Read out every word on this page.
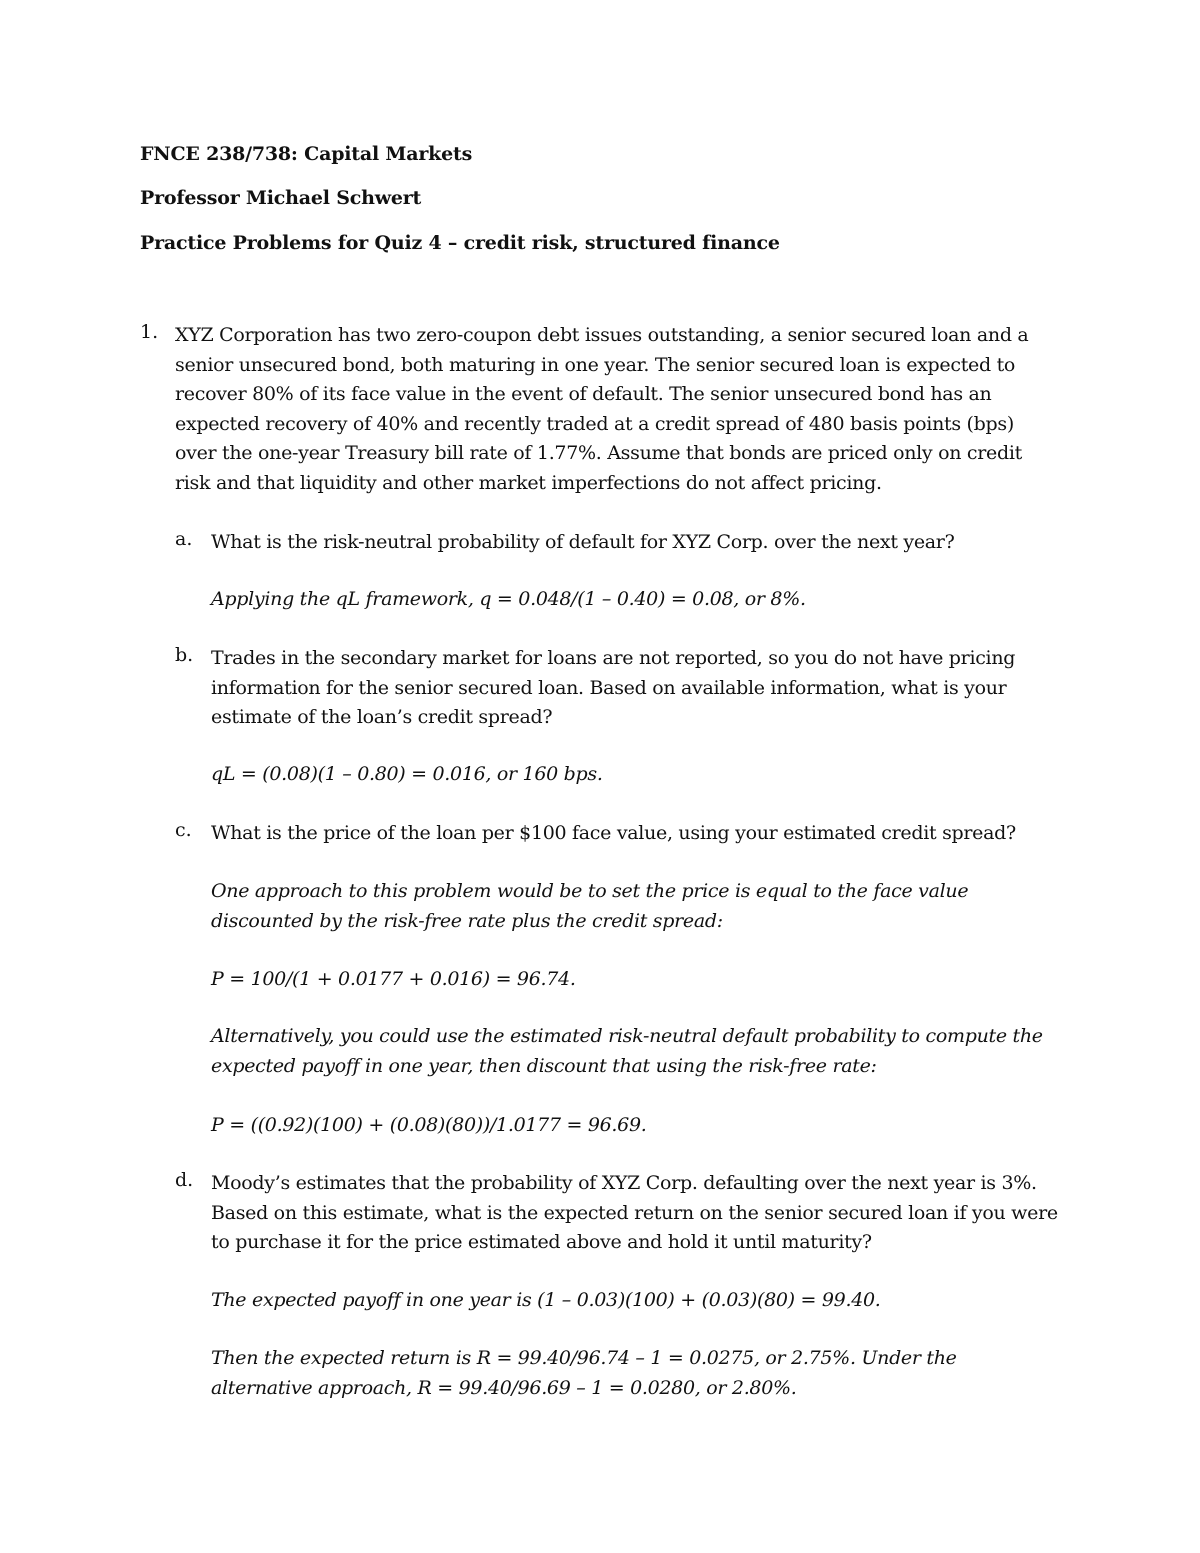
FNCE 238/738: Capital Markets
Professor Michael Schwert
Practice Problems for Quiz 4 – credit risk, structured finance
1. XYZ Corporation has two zero-coupon debt issues outstanding, a senior secured loan and a
senior unsecured bond, both maturing in one year. The senior secured loan is expected to
recover 80% of its face value in the event of default. The senior unsecured bond has an
expected recovery of 40% and recently traded at a credit spread of 480 basis points (bps)
over the one-year Treasury bill rate of 1.77%. Assume that bonds are priced only on credit
risk and that liquidity and other market imperfections do not affect pricing.
a. What is the risk-neutral probability of default for XYZ Corp. over the next year?
Applying the qL framework, q = 0.048/(1 – 0.40) = 0.08, or 8%.
b. Trades in the secondary market for loans are not reported, so you do not have pricing
information for the senior secured loan. Based on available information, what is your
estimate of the loan’s credit spread?
qL = (0.08)(1 – 0.80) = 0.016, or 160 bps.
c. What is the price of the loan per $100 face value, using your estimated credit spread?
One approach to this problem would be to set the price is equal to the face value
discounted by the risk-free rate plus the credit spread:
P = 100/(1 + 0.0177 + 0.016) = 96.74.
Alternatively, you could use the estimated risk-neutral default probability to compute the
expected payoff in one year, then discount that using the risk-free rate:
P = ((0.92)(100) + (0.08)(80))/1.0177 = 96.69.
d. Moody’s estimates that the probability of XYZ Corp. defaulting over the next year is 3%.
Based on this estimate, what is the expected return on the senior secured loan if you were
to purchase it for the price estimated above and hold it until maturity?
The expected payoff in one year is (1 – 0.03)(100) + (0.03)(80) = 99.40.
Then the expected return is R = 99.40/96.74 – 1 = 0.0275, or 2.75%. Under the
alternative approach, R = 99.40/96.69 – 1 = 0.0280, or 2.80%.
